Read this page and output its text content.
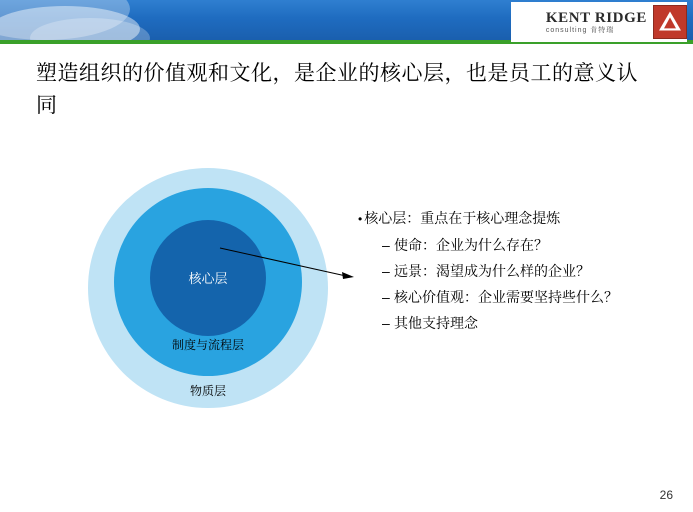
KENT RIDGE
consulting 肯特瑞
塑造组织的价值观和文化，是企业的核心层，也是员工的意义认同
核心层
制度与流程层
物质层
• 核心层：重点在于核心理念提炼
– 使命：企业为什么存在？
– 远景：渴望成为什么样的企业？
– 核心价值观：企业需要坚持些什么？
– 其他支持理念
26
